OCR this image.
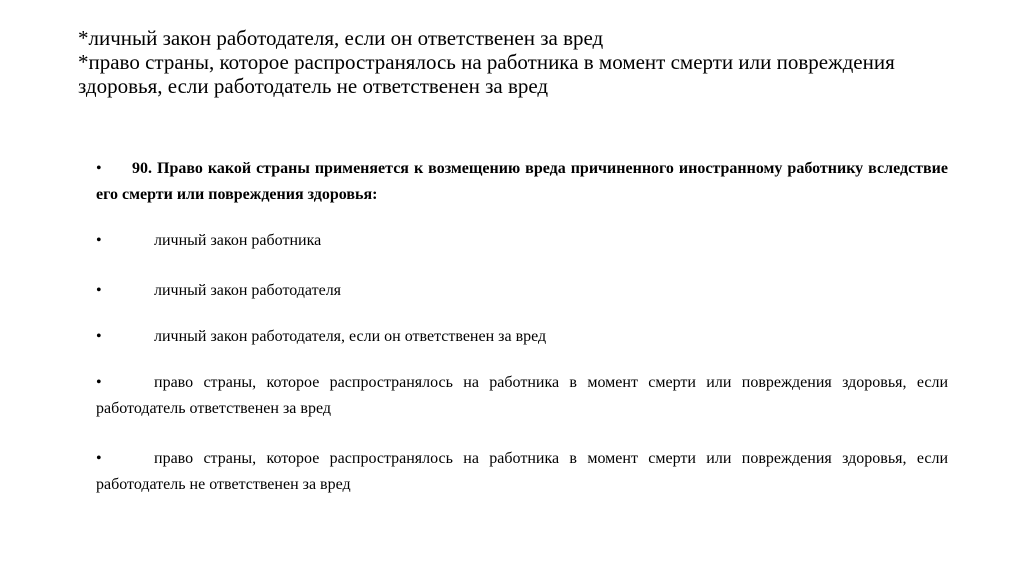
*личный закон работодателя, если он ответственен за вред

*право страны, которое распространялось на работника в момент смерти или повреждения

здоровья, если работодатель не ответственен за вред

• 90. Право какой страны применяется к возмещению вреда причиненного иностранному работнику вследствие его смерти или повреждения здоровья:
•	личный закон работника
•	личный закон работодателя
•	личный закон работодателя, если он ответственен за вред
•	право страны, которое распространялось на работника в момент смерти или повреждения здоровья, если работодатель ответственен за вред
•	право страны, которое распространялось на работника в момент смерти или повреждения здоровья, если работодатель не ответственен за вред
